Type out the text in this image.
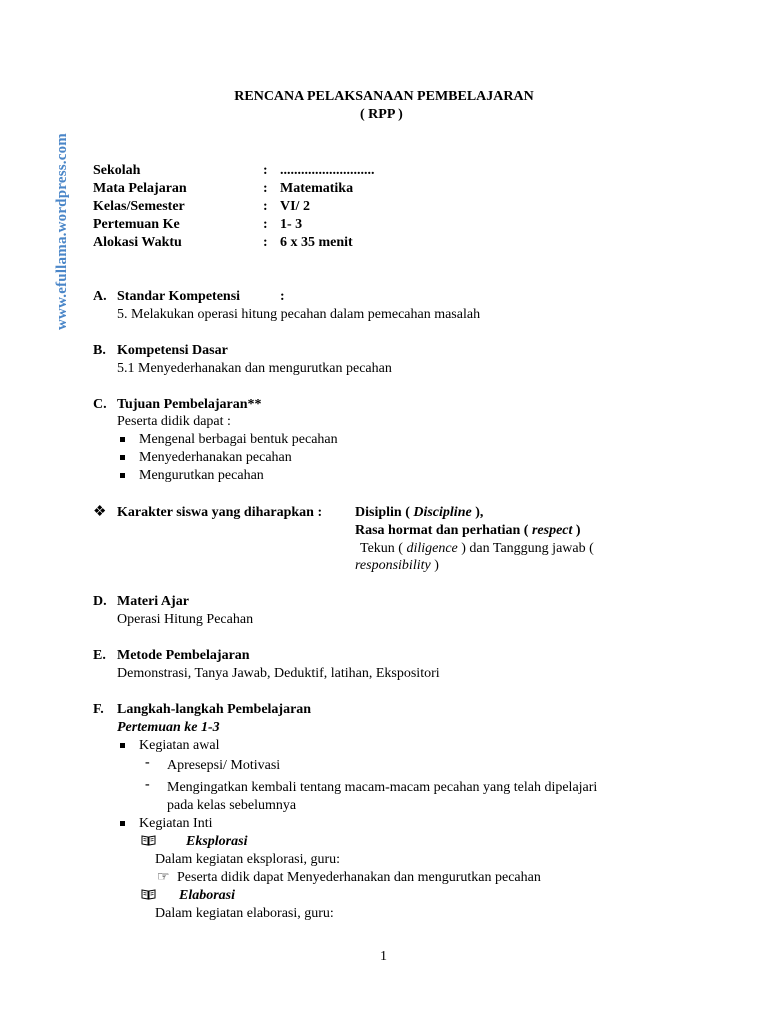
www.efullama.wordpress.com
RENCANA PELAKSANAAN PEMBELAJARAN
( RPP )
Sekolah	: ...........................
Mata Pelajaran	: Matematika
Kelas/Semester	: VI/ 2
Pertemuan Ke	: 1- 3
Alokasi Waktu	: 6 x 35 menit
A. Standar Kompetensi	:
5. Melakukan operasi hitung pecahan dalam pemecahan masalah
B. Kompetensi Dasar
5.1 Menyederhanakan dan mengurutkan pecahan
C. Tujuan Pembelajaran**
Peserta didik dapat :
Mengenal berbagai bentuk pecahan
Menyederhanakan pecahan
Mengurutkan pecahan
❖ Karakter siswa yang diharapkan : Disiplin ( Discipline ),
Rasa hormat dan perhatian ( respect )
Tekun ( diligence ) dan Tanggung jawab (
responsibility )
D. Materi Ajar
Operasi Hitung Pecahan
E. Metode Pembelajaran
Demonstrasi, Tanya Jawab, Deduktif, latihan, Ekspositori
F. Langkah-langkah Pembelajaran
Pertemuan ke 1-3
Kegiatan awal
- Apresepsi/ Motivasi
- Mengingatkan kembali tentang macam-macam pecahan yang telah dipelajari
pada kelas sebelumnya
Kegiatan Inti
Eksplorasi
Dalam kegiatan eksplorasi, guru:
☞ Peserta didik dapat Menyederhanakan dan mengurutkan pecahan
Elaborasi
Dalam kegiatan elaborasi, guru:
1
